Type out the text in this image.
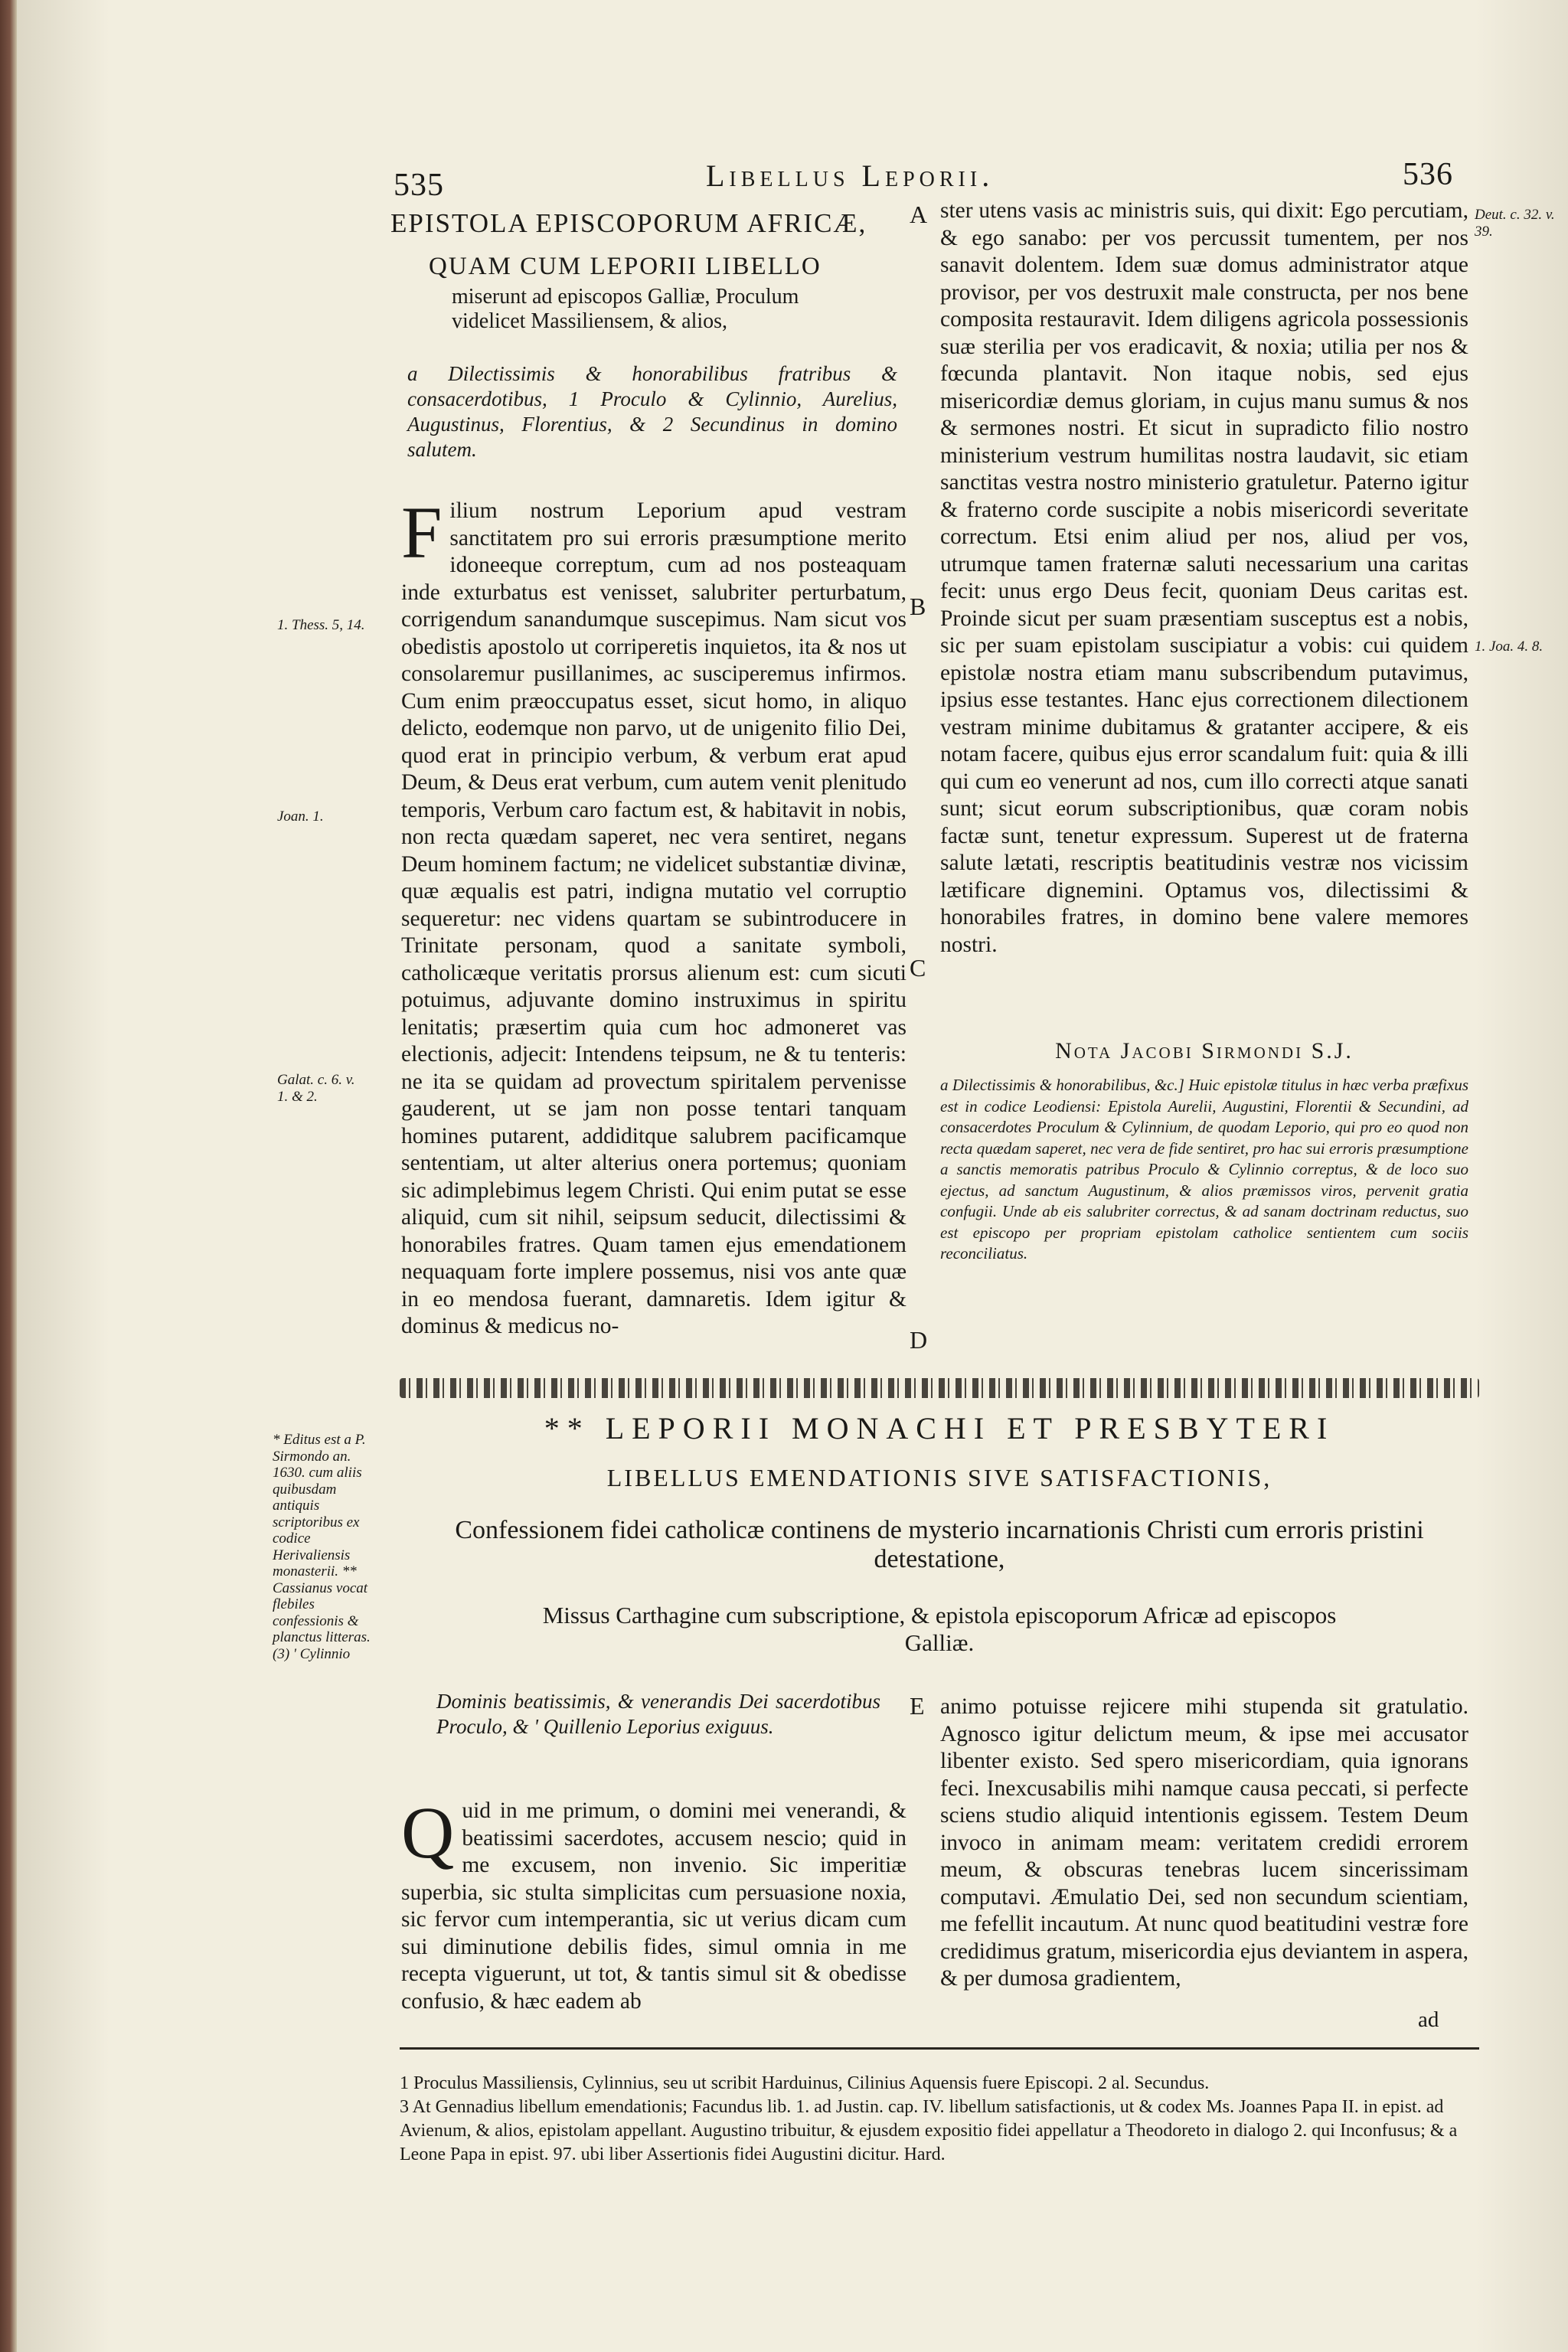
535	Libellus Leporii.	536
EPISTOLA EPISCOPORUM AFRICÆ,
QUAM CUM LEPORII LIBELLO
miserunt ad episcopos Galliæ, Proculum
videlicet Massiliensem, & alios,
a Dilectissimis & honorabilibus fratribus & consacerdotibus, 1 Proculo & Cylinnio, Aurelius, Augustinus, Florentius, & 2 Secundinus in domino salutem.
A
B
C
D
E
F ilium nostrum Leporium apud vestram sanctitatem pro sui erroris præsumptione merito idoneeque correptum, cum ad nos posteaquam inde exturbatus est venisset, salubriter perturbatum, corrigendum sanandumque suscepimus. Nam sicut vos obedistis apostolo ut corriperetis inquietos, ita & nos ut consolaremur pusillanimes, ac susciperemus infirmos. Cum enim præoccupatus esset, sicut homo, in aliquo delicto, eodemque non parvo, ut de unigenito filio Dei, quod erat in principio verbum, & verbum erat apud Deum, & Deus erat verbum, cum autem venit plenitudo temporis, Verbum caro factum est, & habitavit in nobis, non recta quædam saperet, nec vera sentiret, negans Deum hominem factum; ne videlicet substantiæ divinæ, quæ æqualis est patri, indigna mutatio vel corruptio sequeretur: nec videns quartam se subintroducere in Trinitate personam, quod a sanitate symboli, catholicæque veritatis prorsus alienum est: cum sicuti potuimus, adjuvante domino instruximus in spiritu lenitatis; præsertim quia cum hoc admoneret vas electionis, adjecit: Intendens teipsum, ne & tu tenteris: ne ita se quidam ad provectum spiritalem pervenisse gauderent, ut se jam non posse tentari tanquam homines putarent, addiditque salubrem pacificamque sententiam, ut alter alterius onera portemus; quoniam sic adimplebimus legem Christi. Qui enim putat se esse aliquid, cum sit nihil, seipsum seducit, dilectissimi & honorabiles fratres. Quam tamen ejus emendationem nequaquam forte implere possemus, nisi vos ante quæ in eo mendosa fuerant, damnaretis. Idem igitur & dominus & medicus no-
ster utens vasis ac ministris suis, qui dixit: Ego percutiam, & ego sanabo: per vos percussit tumentem, per nos sanavit dolentem. Idem suæ domus administrator atque provisor, per vos destruxit male constructa, per nos bene composita restauravit. Idem diligens agricola possessionis suæ sterilia per vos eradicavit, & noxia; utilia per nos & fœcunda plantavit. Non itaque nobis, sed ejus misericordiæ demus gloriam, in cujus manu sumus & nos & sermones nostri. Et sicut in supradicto filio nostro ministerium vestrum humilitas nostra laudavit, sic etiam sanctitas vestra nostro ministerio gratuletur. Paterno igitur & fraterno corde suscipite a nobis misericordi severitate correctum. Etsi enim aliud per nos, aliud per vos, utrumque tamen fraternæ saluti necessarium una caritas fecit: unus ergo Deus fecit, quoniam Deus caritas est. Proinde sicut per suam præsentiam susceptus est a nobis, sic per suam epistolam suscipiatur a vobis: cui quidem epistolæ nostra etiam manu subscribendum putavimus, ipsius esse testantes. Hanc ejus correctionem dilectionem vestram minime dubitamus & gratanter accipere, & eis notam facere, quibus ejus error scandalum fuit: quia & illi qui cum eo venerunt ad nos, cum illo correcti atque sanati sunt; sicut eorum subscriptionibus, quæ coram nobis factæ sunt, tenetur expressum. Superest ut de fraterna salute lætati, rescriptis beatitudinis vestræ nos vicissim lætificare dignemini. Optamus vos, dilectissimi & honorabiles fratres, in domino bene valere memores nostri.
Nota Jacobi Sirmondi S.J.
a Dilectissimis & honorabilibus, &c.] Huic epistolæ titulus in hæc verba præfixus est in codice Leodiensi: Epistola Aurelii, Augustini, Florentii & Secundini, ad consacerdotes Proculum & Cylinnium, de quodam Leporio, qui pro eo quod non recta quædam saperet, nec vera de fide sentiret, pro hac sui erroris præsumptione a sanctis memoratis patribus Proculo & Cylinnio correptus, & de loco suo ejectus, ad sanctum Augustinum, & alios præmissos viros, pervenit gratia confugii. Unde ab eis salubriter correctus, & ad sanam doctrinam reductus, suo est episcopo per propriam epistolam catholice sentientem cum sociis reconciliatus.
1. Thess. 5, 14.
Joan. 1.
Galat. c. 6. v. 1. & 2.
Deut. c. 32. v. 39.
1. Joa. 4. 8.
* Editus est a P. Sirmondo an. 1630. cum aliis quibusdam antiquis scriptoribus ex codice Herivaliensis monasterii. ** Cassianus vocat flebiles confessionis & planctus litteras. (3) ' Cylinnio
** LEPORII MONACHI ET PRESBYTERI
LIBELLUS EMENDATIONIS SIVE SATISFACTIONIS,
Confessionem fidei catholicæ continens de mysterio incarnationis Christi cum erroris pristini detestatione,
Missus Carthagine cum subscriptione, & epistola episcoporum Africæ ad episcopos Galliæ.
Dominis beatissimis, & venerandis Dei sacerdotibus Proculo, & ' Quillenio Leporius exiguus.
Q uid in me primum, o domini mei venerandi, & beatissimi sacerdotes, accusem nescio; quid in me excusem, non invenio. Sic imperitiæ superbia, sic stulta simplicitas cum persuasione noxia, sic fervor cum intemperantia, sic ut verius dicam cum sui diminutione debilis fides, simul omnia in me recepta viguerunt, ut tot, & tantis simul sit & obedisse confusio, & hæc eadem ab
animo potuisse rejicere mihi stupenda sit gratulatio. Agnosco igitur delictum meum, & ipse mei accusator libenter existo. Sed spero misericordiam, quia ignorans feci. Inexcusabilis mihi namque causa peccati, si perfecte sciens studio aliquid intentionis egissem. Testem Deum invoco in animam meam: veritatem credidi errorem meum, & obscuras tenebras lucem sincerissimam computavi. Æmulatio Dei, sed non secundum scientiam, me fefellit incautum. At nunc quod beatitudini vestræ fore credidimus gratum, misericordia ejus deviantem in aspera, & per dumosa gradientem,
ad

1 Proculus Massiliensis, Cylinnius, seu ut scribit Harduinus, Cilinius Aquensis fuere Episcopi. 2 al. Secundus.

3 At Gennadius libellum emendationis; Facundus lib. 1. ad Justin. cap. IV. libellum satisfactionis, ut & codex Ms. Joannes Papa II. in epist. ad Avienum, & alios, epistolam appellant. Augustino tribuitur, & ejusdem expositio fidei appellatur a Theodoreto in dialogo 2. qui Inconfusus; & a Leone Papa in epist. 97. ubi liber Assertionis fidei Augustini dicitur. Hard.
